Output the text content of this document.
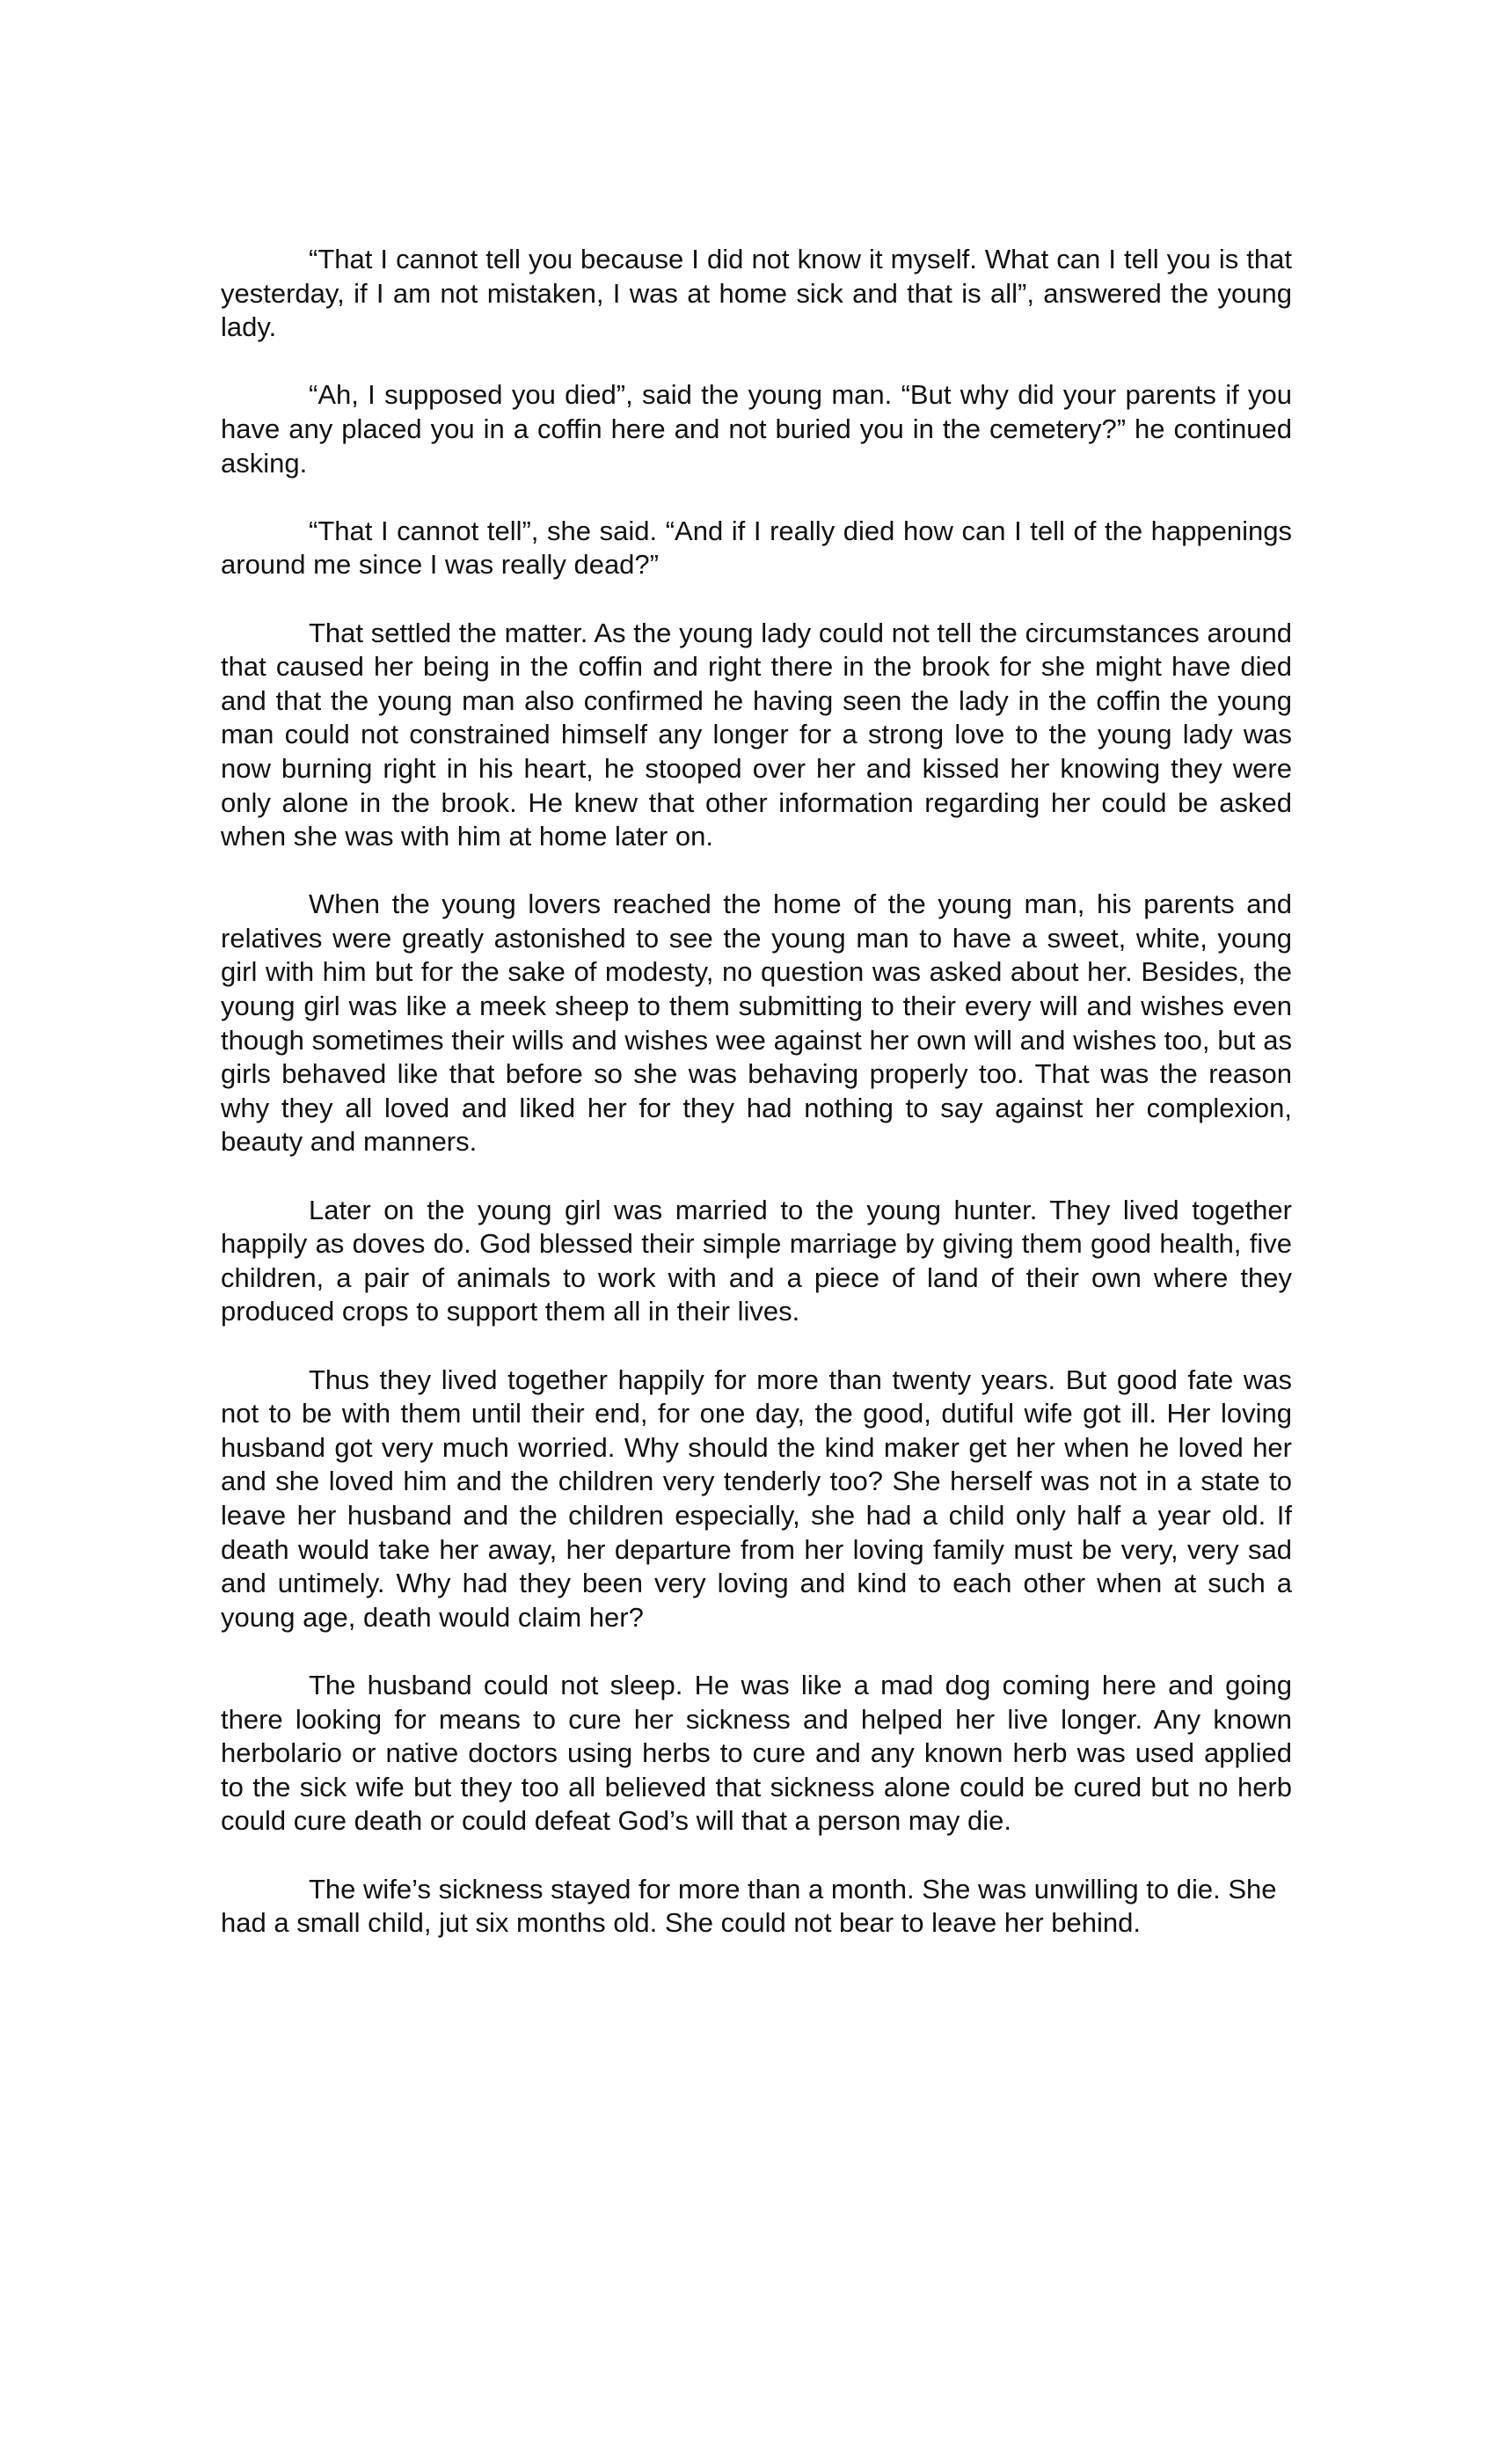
“That I cannot tell you because I did not know it myself. What can I tell you is that yesterday, if I am not mistaken, I was at home sick and that is all”, answered the young lady.

“Ah, I supposed you died”, said the young man. “But why did your parents if you have any placed you in a coffin here and not buried you in the cemetery?” he continued asking.

“That I cannot tell”, she said. “And if I really died how can I tell of the happenings around me since I was really dead?”

That settled the matter. As the young lady could not tell the circumstances around that caused her being in the coffin and right there in the brook for she might have died and that the young man also confirmed he having seen the lady in the coffin the young man could not constrained himself any longer for a strong love to the young lady was now burning right in his heart, he stooped over her and kissed her knowing they were only alone in the brook. He knew that other information regarding her could be asked when she was with him at home later on.

When the young lovers reached the home of the young man, his parents and relatives were greatly astonished to see the young man to have a sweet, white, young girl with him but for the sake of modesty, no question was asked about her. Besides, the young girl was like a meek sheep to them submitting to their every will and wishes even though sometimes their wills and wishes wee against her own will and wishes too, but as girls behaved like that before so she was behaving properly too. That was the reason why they all loved and liked her for they had nothing to say against her complexion, beauty and manners.

Later on the young girl was married to the young hunter. They lived together happily as doves do. God blessed their simple marriage by giving them good health, five children, a pair of animals to work with and a piece of land of their own where they produced crops to support them all in their lives.

Thus they lived together happily for more than twenty years. But good fate was not to be with them until their end, for one day, the good, dutiful wife got ill. Her loving husband got very much worried. Why should the kind maker get her when he loved her and she loved him and the children very tenderly too? She herself was not in a state to leave her husband and the children especially, she had a child only half a year old. If death would take her away, her departure from her loving family must be very, very sad and untimely. Why had they been very loving and kind to each other when at such a young age, death would claim her?

The husband could not sleep. He was like a mad dog coming here and going there looking for means to cure her sickness and helped her live longer. Any known herbolario or native doctors using herbs to cure and any known herb was used applied to the sick wife but they too all believed that sickness alone could be cured but no herb could cure death or could defeat God’s will that a person may die.

The wife’s sickness stayed for more than a month. She was unwilling to die. She had a small child, jut six months old. She could not bear to leave her behind.
